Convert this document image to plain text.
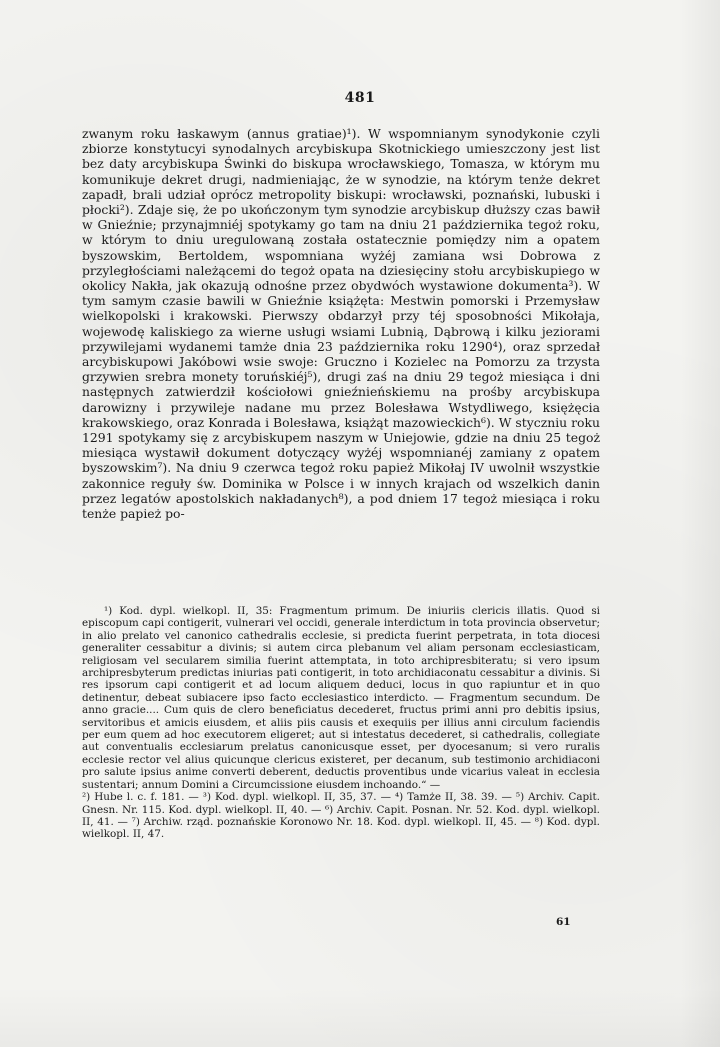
481

zwanym roku łaskawym (annus gratiae)¹). W wspomnianym synodykonie czyli zbiorze konstytucyi synodalnych arcybiskupa Skotnickiego umieszczony jest list bez daty arcybiskupa Świnki do biskupa wrocławskiego, Tomasza, w którym mu komunikuje dekret drugi, nadmieniając, że w synodzie, na którym tenże dekret zapadł, brali udział oprócz metropolity biskupi: wrocławski, poznański, lubuski i płocki²). Zdaje się, że po ukończonym tym synodzie arcybiskup dłuższy czas bawił w Gnieźnie; przynajmniéj spotykamy go tam na dniu 21 października tegoż roku, w którym to dniu uregulowaną została ostatecznie pomiędzy nim a opatem byszowskim, Bertoldem, wspomniana wyżéj zamiana wsi Dobrowa z przyległościami należącemi do tegoż opata na dziesięciny stołu arcybiskupiego w okolicy Nakła, jak okazują odnośne przez obydwóch wystawione dokumenta³). W tym samym czasie bawili w Gnieźnie książęta: Mestwin pomorski i Przemysław wielkopolski i krakowski. Pierwszy obdarzył przy téj sposobności Mikołaja, wojewodę kaliskiego za wierne usługi wsiami Lubnią, Dąbrową i kilku jeziorami przywilejami wydanemi tamże dnia 23 października roku 1290⁴), oraz sprzedał arcybiskupowi Jakóbowi wsie swoje: Gruczno i Kozielec na Pomorzu za trzysta grzywien srebra monety toruńskiéj⁵), drugi zaś na dniu 29 tegoż miesiąca i dni następnych zatwierdził kościołowi gnieźnieńskiemu na prośby arcybiskupa darowizny i przywileje nadane mu przez Bolesława Wstydliwego, księżęcia krakowskiego, oraz Konrada i Bolesława, książąt mazowieckich⁶). W styczniu roku 1291 spotykamy się z arcybiskupem naszym w Uniejowie, gdzie na dniu 25 tegoż miesiąca wystawił dokument dotyczący wyżéj wspomnianéj zamiany z opatem byszowskim⁷). Na dniu 9 czerwca tegoż roku papież Mikołaj IV uwolnił wszystkie zakonnice reguły św. Dominika w Polsce i w innych krajach od wszelkich danin przez legatów apostolskich nakładanych⁸), a pod dniem 17 tegoż miesiąca i roku tenże papież po-

¹) Kod. dypl. wielkopl. II, 35: Fragmentum primum. De iniuriis clericis illatis. Quod si episcopum capi contigerit, vulnerari vel occidi, generale interdictum in tota provincia observetur; in alio prelato vel canonico cathedralis ecclesie, si predicta fuerint perpetrata, in tota diocesi generaliter cessabitur a divinis; si autem circa plebanum vel aliam personam ecclesiasticam, religiosam vel secularem similia fuerint attemptata, in toto archipresbiteratu; si vero ipsum archipresbyterum predictas iniurias pati contigerit, in toto archidiaconatu cessabitur a divinis. Si res ipsorum capi contigerit et ad locum aliquem deduci, locus in quo rapiuntur et in quo detinentur, debeat subiacere ipso facto ecclesiastico interdicto. — Fragmentum secundum. De anno gracie.... Cum quis de clero beneficiatus decederet, fructus primi anni pro debitis ipsius, servitoribus et amicis eiusdem, et aliis piis causis et exequiis per illius anni circulum faciendis per eum quem ad hoc executorem eligeret; aut si intestatus decederet, si cathedralis, collegiate aut conventualis ecclesiarum prelatus canonicusque esset, per dyocesanum; si vero ruralis ecclesie rector vel alius quicunque clericus existeret, per decanum, sub testimonio archidiaconi pro salute ipsius anime converti deberent, deductis proventibus unde vicarius valeat in ecclesia sustentari; annum Domini a Circumcissione eiusdem inchoando.“ —

²) Hube l. c. f. 181. — ³) Kod. dypl. wielkopl. II, 35, 37. — ⁴) Tamże II, 38. 39. — ⁵) Archiv. Capit. Gnesn. Nr. 115. Kod. dypl. wielkopl. II, 40. — ⁶) Archiv. Capit. Posnan. Nr. 52. Kod. dypl. wielkopl. II, 41. — ⁷) Archiw. rząd. poznańskie Koronowo Nr. 18. Kod. dypl. wielkopl. II, 45. — ⁸) Kod. dypl. wielkopl. II, 47.

61
